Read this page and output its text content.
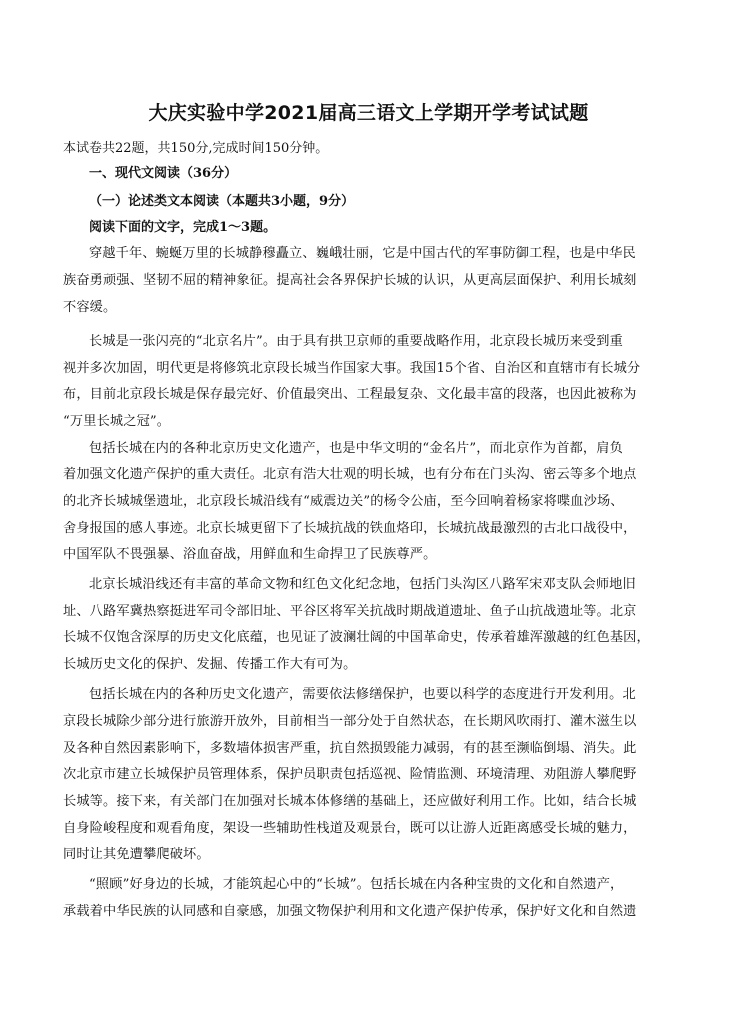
大庆实验中学2021届高三语文上学期开学考试试题
本试卷共22题，共150分,完成时间150分钟。
一、现代文阅读（36分）
（一）论述类文本阅读（本题共3小题，9分）
阅读下面的文字，完成1～3题。
穿越千年、蜿蜒万里的长城静穆矗立、巍峨壮丽，它是中国古代的军事防御工程，也是中华民
族奋勇顽强、坚韧不屈的精神象征。提高社会各界保护长城的认识，从更高层面保护、利用长城刻
不容缓。
长城是一张闪亮的“北京名片”。由于具有拱卫京师的重要战略作用，北京段长城历来受到重
视并多次加固，明代更是将修筑北京段长城当作国家大事。我国15个省、自治区和直辖市有长城分
布，目前北京段长城是保存最完好、价值最突出、工程最复杂、文化最丰富的段落，也因此被称为
“万里长城之冠”。
包括长城在内的各种北京历史文化遗产，也是中华文明的“金名片”，而北京作为首都，肩负
着加强文化遗产保护的重大责任。北京有浩大壮观的明长城，也有分布在门头沟、密云等多个地点
的北齐长城城堡遗址，北京段长城沿线有“威震边关”的杨令公庙，至今回响着杨家将喋血沙场、
舍身报国的感人事迹。北京长城更留下了长城抗战的铁血烙印，长城抗战最激烈的古北口战役中，
中国军队不畏强暴、浴血奋战，用鲜血和生命捍卫了民族尊严。
北京长城沿线还有丰富的革命文物和红色文化纪念地，包括门头沟区八路军宋邓支队会师地旧
址、八路军冀热察挺进军司令部旧址、平谷区将军关抗战时期战道遗址、鱼子山抗战遗址等。北京
长城不仅饱含深厚的历史文化底蕴，也见证了波澜壮阔的中国革命史，传承着雄浑激越的红色基因，
长城历史文化的保护、发掘、传播工作大有可为。
包括长城在内的各种历史文化遗产，需要依法修缮保护，也要以科学的态度进行开发利用。北
京段长城除少部分进行旅游开放外，目前相当一部分处于自然状态，在长期风吹雨打、灌木滋生以
及各种自然因素影响下，多数墙体损害严重，抗自然损毁能力减弱，有的甚至濒临倒塌、消失。此
次北京市建立长城保护员管理体系，保护员职责包括巡视、险情监测、环境清理、劝阻游人攀爬野
长城等。接下来，有关部门在加强对长城本体修缮的基础上，还应做好利用工作。比如，结合长城
自身险峻程度和观看角度，架设一些辅助性栈道及观景台，既可以让游人近距离感受长城的魅力，
同时让其免遭攀爬破坏。
“照顾”好身边的长城，才能筑起心中的“长城”。包括长城在内各种宝贵的文化和自然遗产，
承载着中华民族的认同感和自豪感，加强文物保护利用和文化遗产保护传承，保护好文化和自然遗
